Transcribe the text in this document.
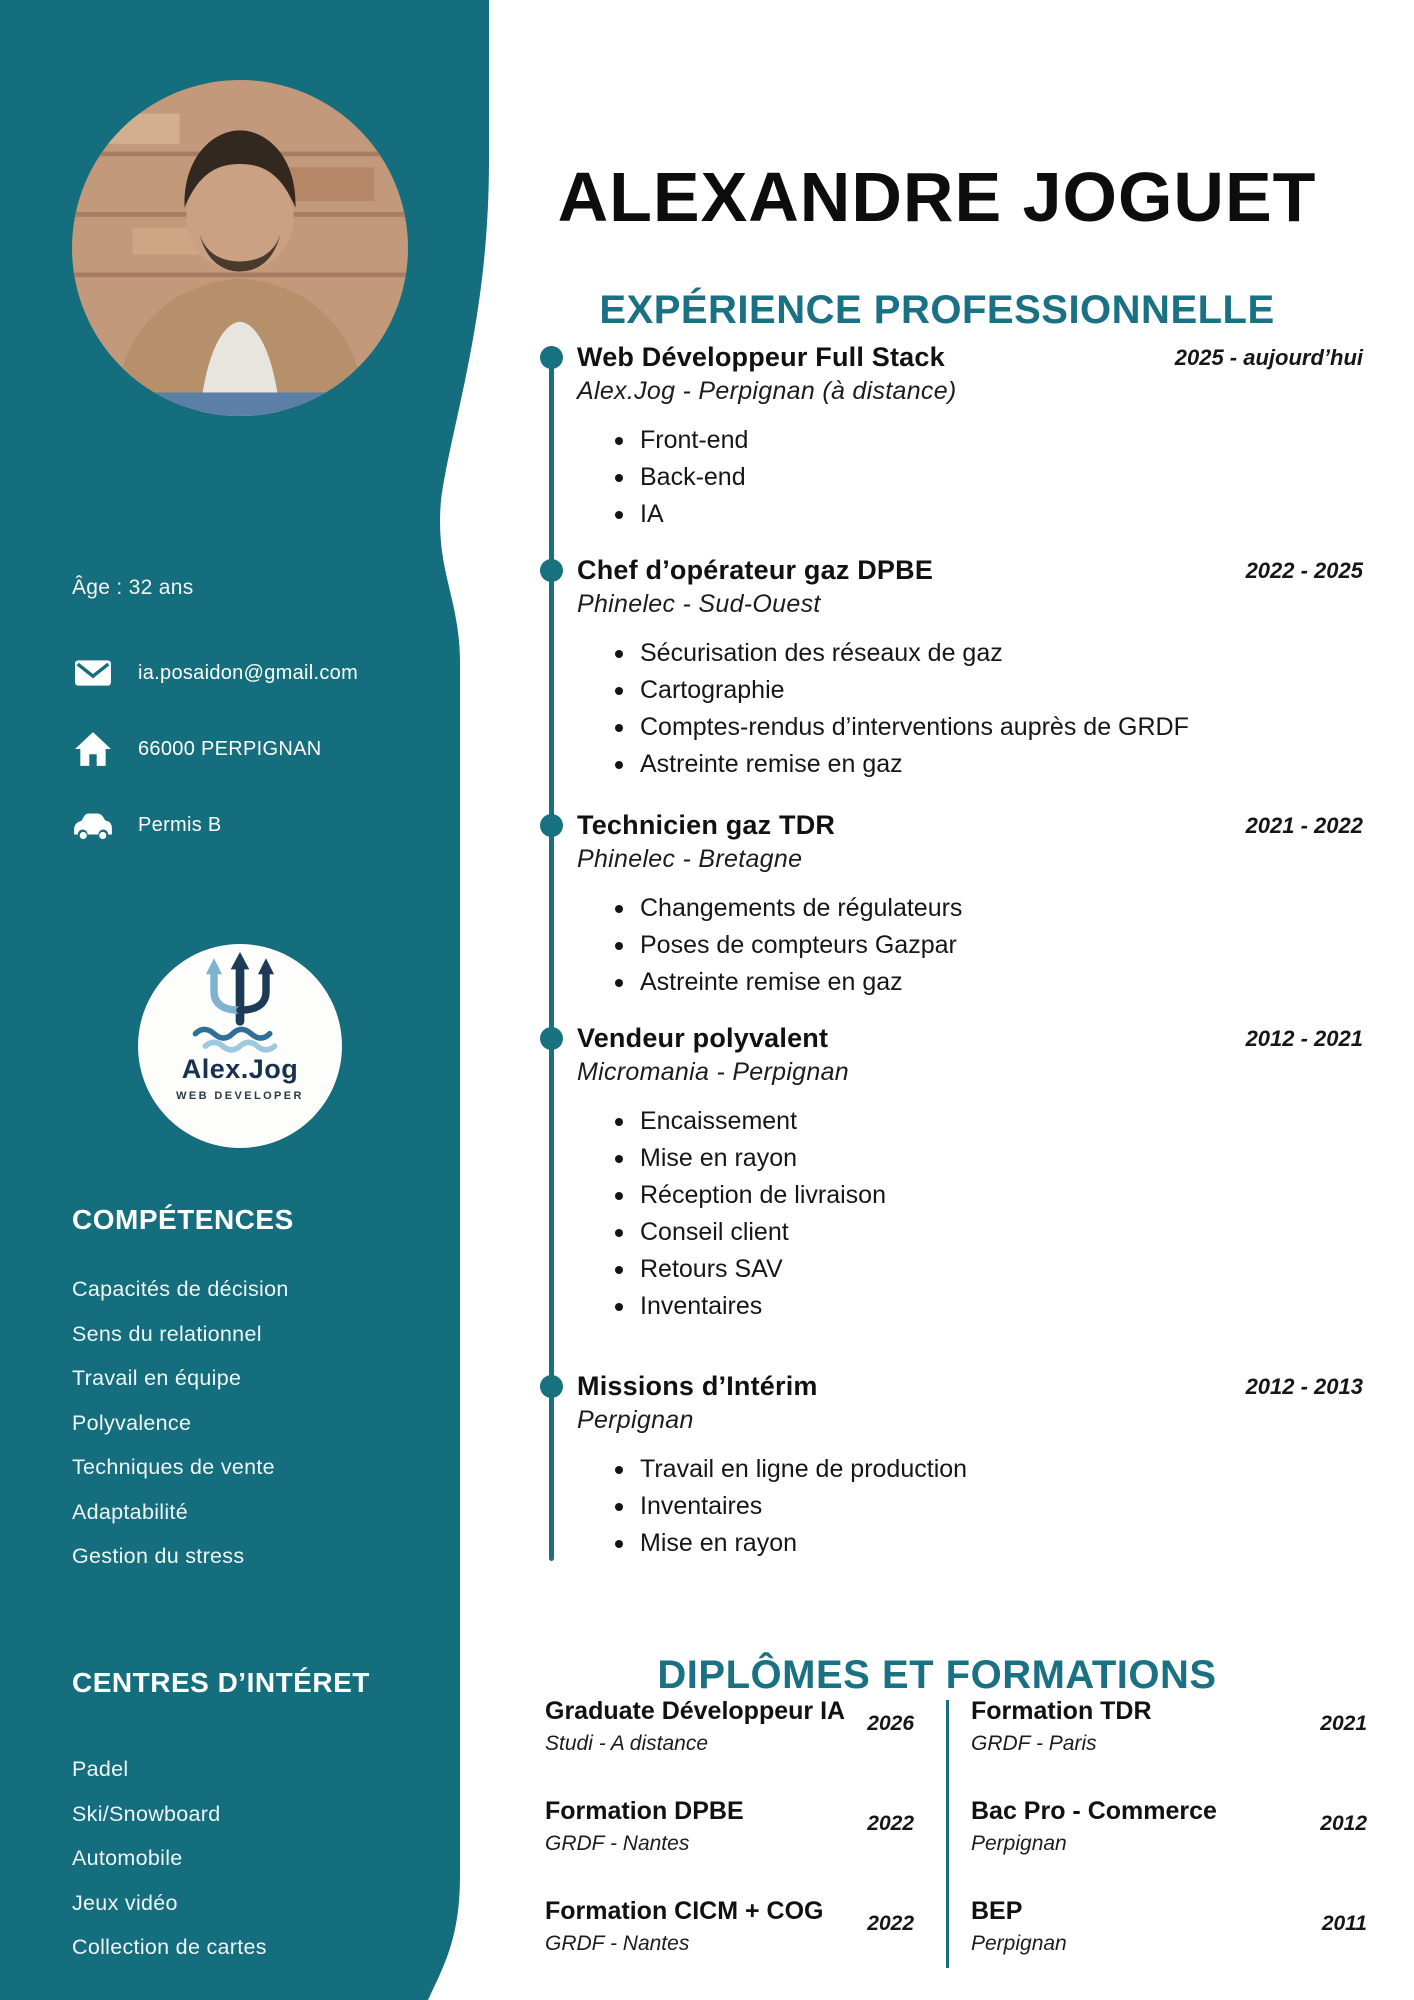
Âge : 32 ans
ia.posaidon@gmail.com
66000 PERPIGNAN
Permis B
Alex.Jog
WEB DEVELOPER
COMPÉTENCES
Capacités de décision
Sens du relationnel
Travail en équipe
Polyvalence
Techniques de vente
Adaptabilité
Gestion du stress
CENTRES D’INTÉRET
Padel
Ski/Snowboard
Automobile
Jeux vidéo
Collection de cartes
ALEXANDRE JOGUET
EXPÉRIENCE PROFESSIONNELLE
Web Développeur Full Stack
Alex.Jog - Perpignan (à distance)
Front-end
Back-end
IA
Chef d’opérateur gaz DPBE
Phinelec - Sud-Ouest
Sécurisation des réseaux de gaz
Cartographie
Comptes-rendus d’interventions auprès de GRDF
Astreinte remise en gaz
Technicien gaz TDR
Phinelec - Bretagne
Changements de régulateurs
Poses de compteurs Gazpar
Astreinte remise en gaz
Vendeur polyvalent
Micromania - Perpignan
Encaissement
Mise en rayon
Réception de livraison
Conseil client
Retours SAV
Inventaires
Missions d’Intérim
Perpignan
Travail en ligne de production
Inventaires
Mise en rayon
DIPLÔMES ET FORMATIONS
Graduate Développeur IA
Studi - A distance
2026
Formation DPBE
GRDF - Nantes
2022
Formation CICM + COG
GRDF - Nantes
2022
Formation TDR
GRDF - Paris
2021
Bac Pro - Commerce
Perpignan
2012
BEP
Perpignan
2011
2025 - aujourd’hui
2022 - 2025
2021 - 2022
2012 - 2021
2012 - 2013
